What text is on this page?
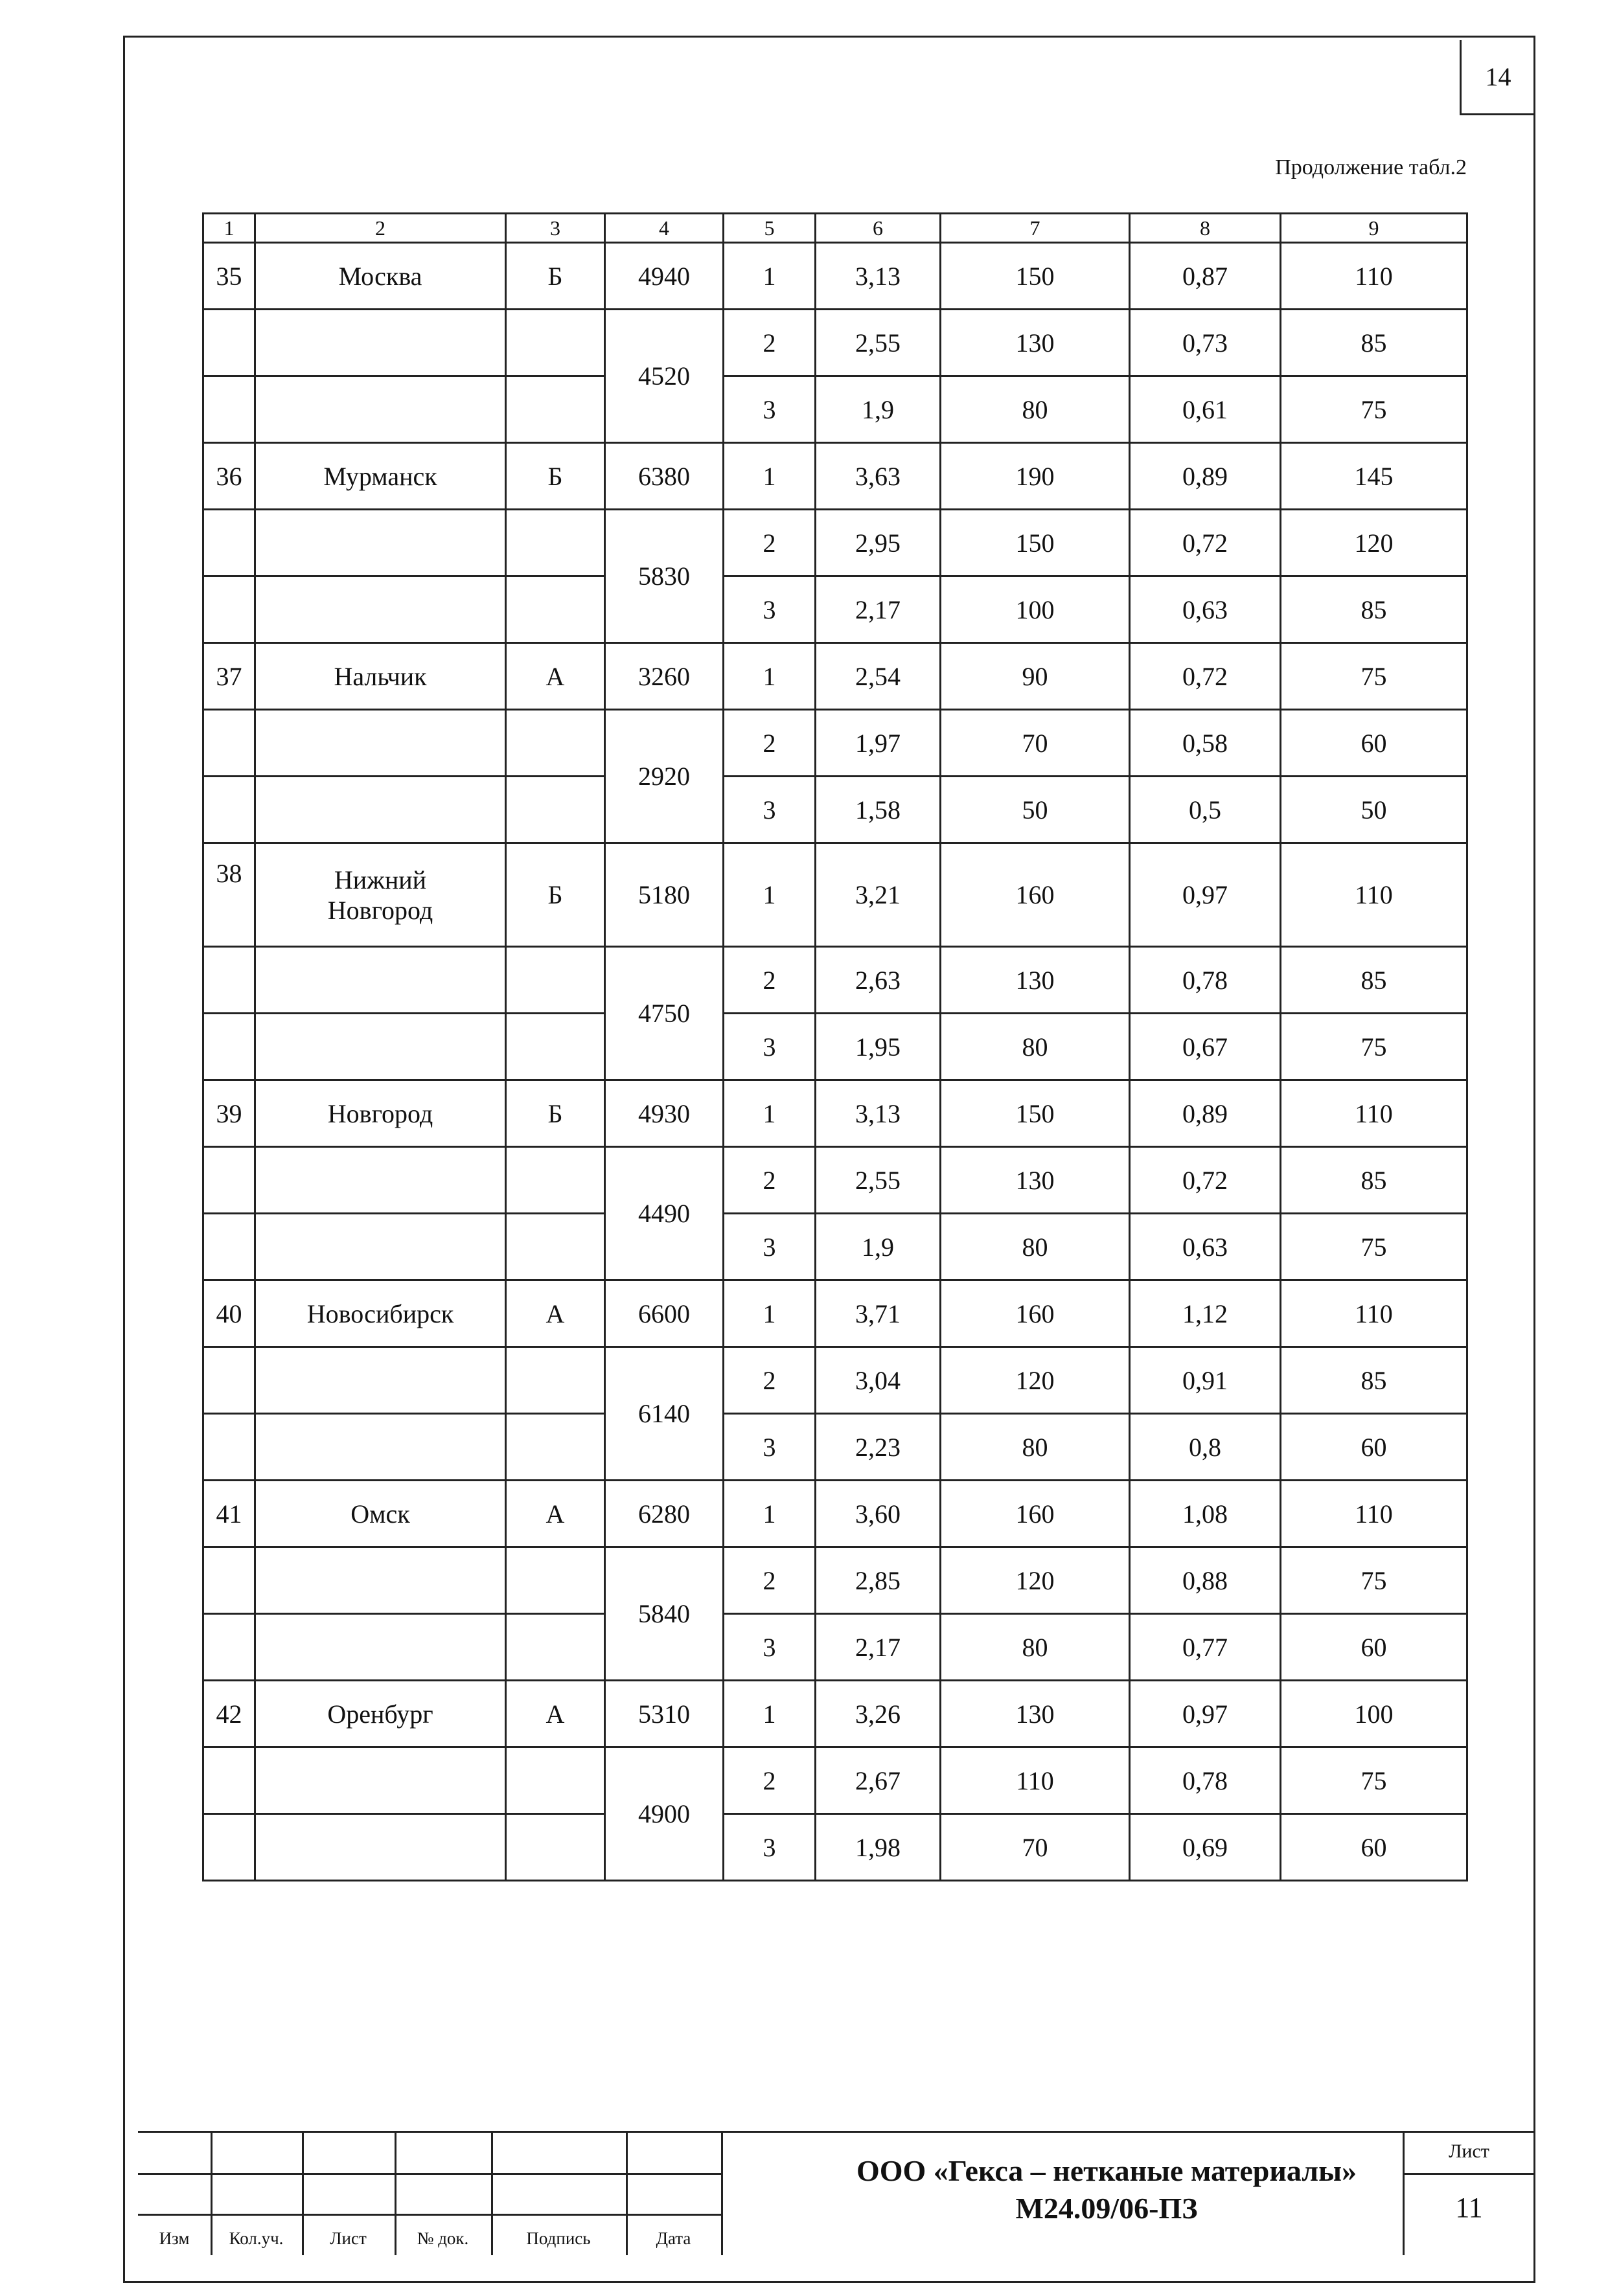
14
Продолжение табл.2
1	2	3	4	5	6	7	8	9
35	Москва	Б	4940	1	3,13	150	0,87	110
			4520	2	2,55	130	0,73	85
				3	1,9	80	0,61	75
36	Мурманск	Б	6380	1	3,63	190	0,89	145
			5830	2	2,95	150	0,72	120
				3	2,17	100	0,63	85
37	Нальчик	А	3260	1	2,54	90	0,72	75
			2920	2	1,97	70	0,58	60
				3	1,58	50	0,5	50
38	Нижний Новгород	Б	5180	1	3,21	160	0,97	110
			4750	2	2,63	130	0,78	85
				3	1,95	80	0,67	75
39	Новгород	Б	4930	1	3,13	150	0,89	110
			4490	2	2,55	130	0,72	85
				3	1,9	80	0,63	75
40	Новосибирск	А	6600	1	3,71	160	1,12	110
			6140	2	3,04	120	0,91	85
				3	2,23	80	0,8	60
41	Омск	А	6280	1	3,60	160	1,08	110
			5840	2	2,85	120	0,88	75
				3	2,17	80	0,77	60
42	Оренбург	А	5310	1	3,26	130	0,97	100
			4900	2	2,67	110	0,78	75
				3	1,98	70	0,69	60
Изм	Кол.уч.	Лист	№ док.	Подпись	Дата
ООО «Гекса – нетканые материалы»
М24.09/06-ПЗ
Лист
11
